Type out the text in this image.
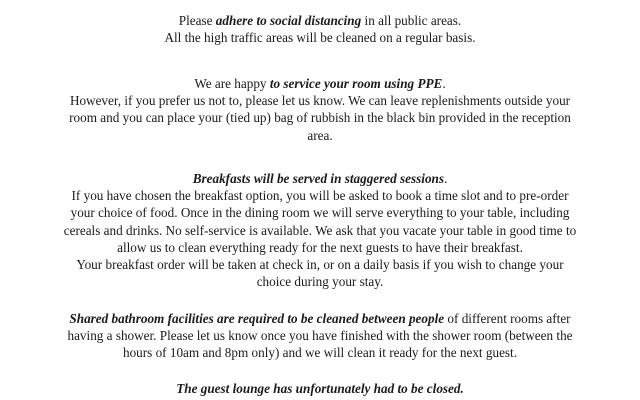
Please adhere to social distancing in all public areas.
All the high traffic areas will be cleaned on a regular basis.
We are happy to service your room using PPE.
However, if you prefer us not to, please let us know. We can leave replenishments outside your
room and you can place your (tied up) bag of rubbish in the black bin provided in the reception
area.
Breakfasts will be served in staggered sessions.
If you have chosen the breakfast option, you will be asked to book a time slot and to pre-order
your choice of food. Once in the dining room we will serve everything to your table, including
cereals and drinks. No self-service is available. We ask that you vacate your table in good time to
allow us to clean everything ready for the next guests to have their breakfast.
Your breakfast order will be taken at check in, or on a daily basis if you wish to change your
choice during your stay.
Shared bathroom facilities are required to be cleaned between people of different rooms after
having a shower. Please let us know once you have finished with the shower room (between the
hours of 10am and 8pm only) and we will clean it ready for the next guest.
The guest lounge has unfortunately had to be closed.
